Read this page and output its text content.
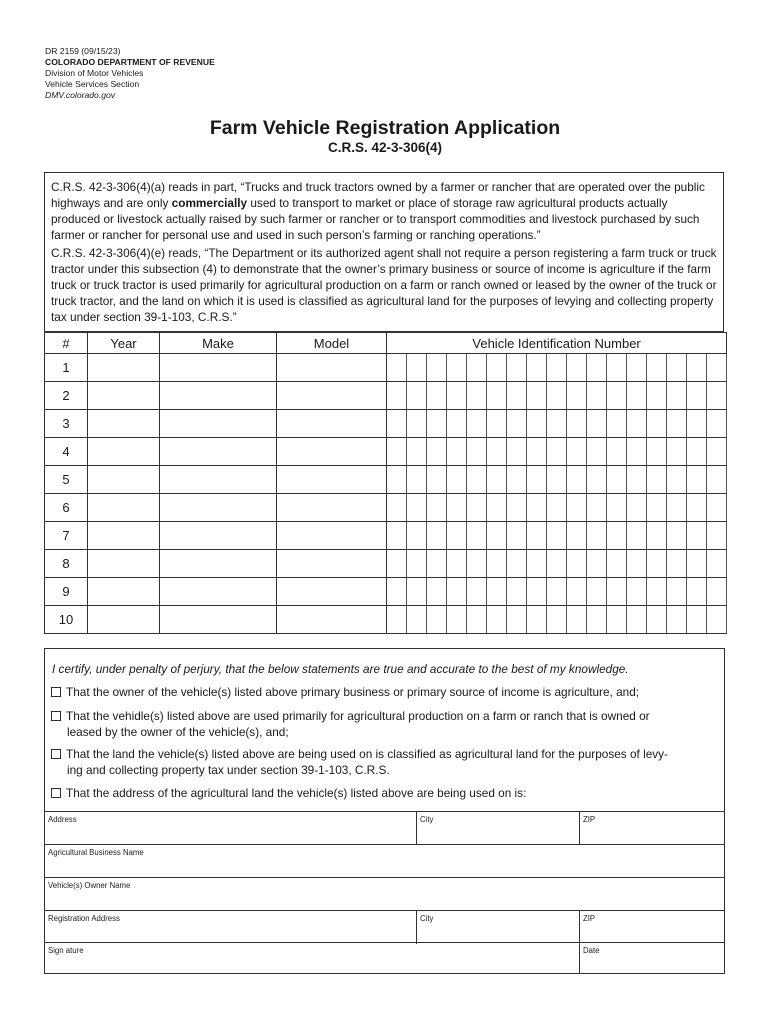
DR 2159 (09/15/23)
COLORADO DEPARTMENT OF REVENUE
Division of Motor Vehicles
Vehicle Services Section
DMV.colorado.gov
Farm Vehicle Registration Application
C.R.S. 42-3-306(4)

C.R.S. 42-3-306(4)(a) reads in part, “Trucks and truck tractors owned by a farmer or rancher that are operated over the public highways and are only commercially used to transport to market or place of storage raw agricultural products actually produced or livestock actually raised by such farmer or rancher or to transport commodities and livestock purchased by such farmer or rancher for personal use and used in such person’s farming or ranching operations.”

C.R.S. 42-3-306(4)(e) reads, “The Department or its authorized agent shall not require a person registering a farm truck or truck tractor under this subsection (4) to demonstrate that the owner’s primary business or source of income is agriculture if the farm truck or truck tractor is used primarily for agricultural production on a farm or ranch owned or leased by the owner of the truck or truck tractor, and the land on which it is used is classified as agricultural land for the purposes of levying and collecting property tax under section 39-1-103, C.R.S.”

#	Year	Make	Model	Vehicle Identification Number																
1																				
2																				
3																				
4																				
5																				
6																				
7																				
8																				
9																				
10																				
I certify, under penalty of perjury, that the below statements are true and accurate to the best of my knowledge.
That the owner of the vehicle(s) listed above primary business or primary source of income is agriculture, and;
That the vehidle(s) listed above are used primarily for agricultural production on a farm or ranch that is owned or
leased by the owner of the vehicle(s), and;
That the land the vehicle(s) listed above are being used on is classified as agricultural land for the purposes of levy-
ing and collecting property tax under section 39-1-103, C.R.S.
That the address of the agricultural land the vehicle(s) listed above are being used on is:
Address	City	ZIP
Agricultural Business Name
Vehicle(s) Owner Name
Registration Address	City	ZIP
Sign ature	Date
